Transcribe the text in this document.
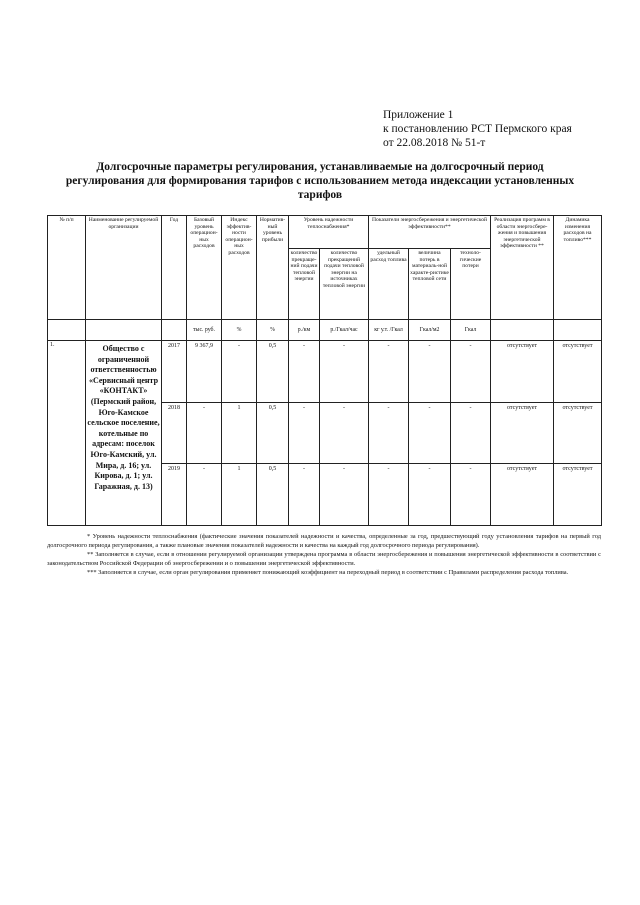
Приложение 1
к постановлению РСТ Пермского края
от 22.08.2018 № 51-т
Долгосрочные параметры регулирования, устанавливаемые на долгосрочный период регулирования для формирования тарифов с использованием метода индексации установленных тарифов
№ п/п	Наименование регулируемой организации	Год	Базовый уровень операцион-ных расходов	Индекс эффектив-ности операцион-ных расходов	Норматив-ный уровень прибыли	Уровень надежности теплоснабжения*		Показатели энергосбережения и энергетической эффективности**			Реализация программ в области энергосбере-жения и повышения энергетической эффективности **	Динамика изменения расходов на топливо***
						количество прекраще-ний подачи тепловой энергии	количество прекращений подачи тепловой энергии на источниках тепловой энергии	удельный расход топлива	величина потерь в материаль-ной характе-ристике тепловой сети	техноло-гические потери		
			тыс. руб.	%	%	р./км	р./Гкал/час	кг у.т. /Гкал	Гкал/м2	Гкал		
1.	Общество с ограниченной ответственностью «Сервисный центр «КОНТАКТ» (Пермский район, Юго-Камское сельское поселение, котельные по адресам: поселок Юго-Камский, ул. Мира, д. 16; ул. Кирова, д. 1; ул. Гаражная, д. 13)	2017	9 367,9	-	0,5	-	-	-	-	-	отсутствует	отсутствует
		2018	-	1	0,5	-	-	-	-	-	отсутствует	отсутствует
		2019	-	1	0,5	-	-	-	-	-	отсутствует	отсутствует

* Уровень надежности теплоснабжения (фактические значения показателей надежности и качества, определенные за год, предшествующий году установления тарифов на первый год долгосрочного периода регулирования, а также плановые значения показателей надежности и качества на каждый год долгосрочного периода регулирования).

** Заполняется в случае, если в отношении регулируемой организации утверждена программа в области энергосбережения и повышения энергетической эффективности в соответствии с законодательством Российской Федерации об энергосбережении и о повышении энергетической эффективности.

*** Заполняется в случае, если орган регулирования применяет понижающий коэффициент на переходный период в соответствии с Правилами распределения расхода топлива.
